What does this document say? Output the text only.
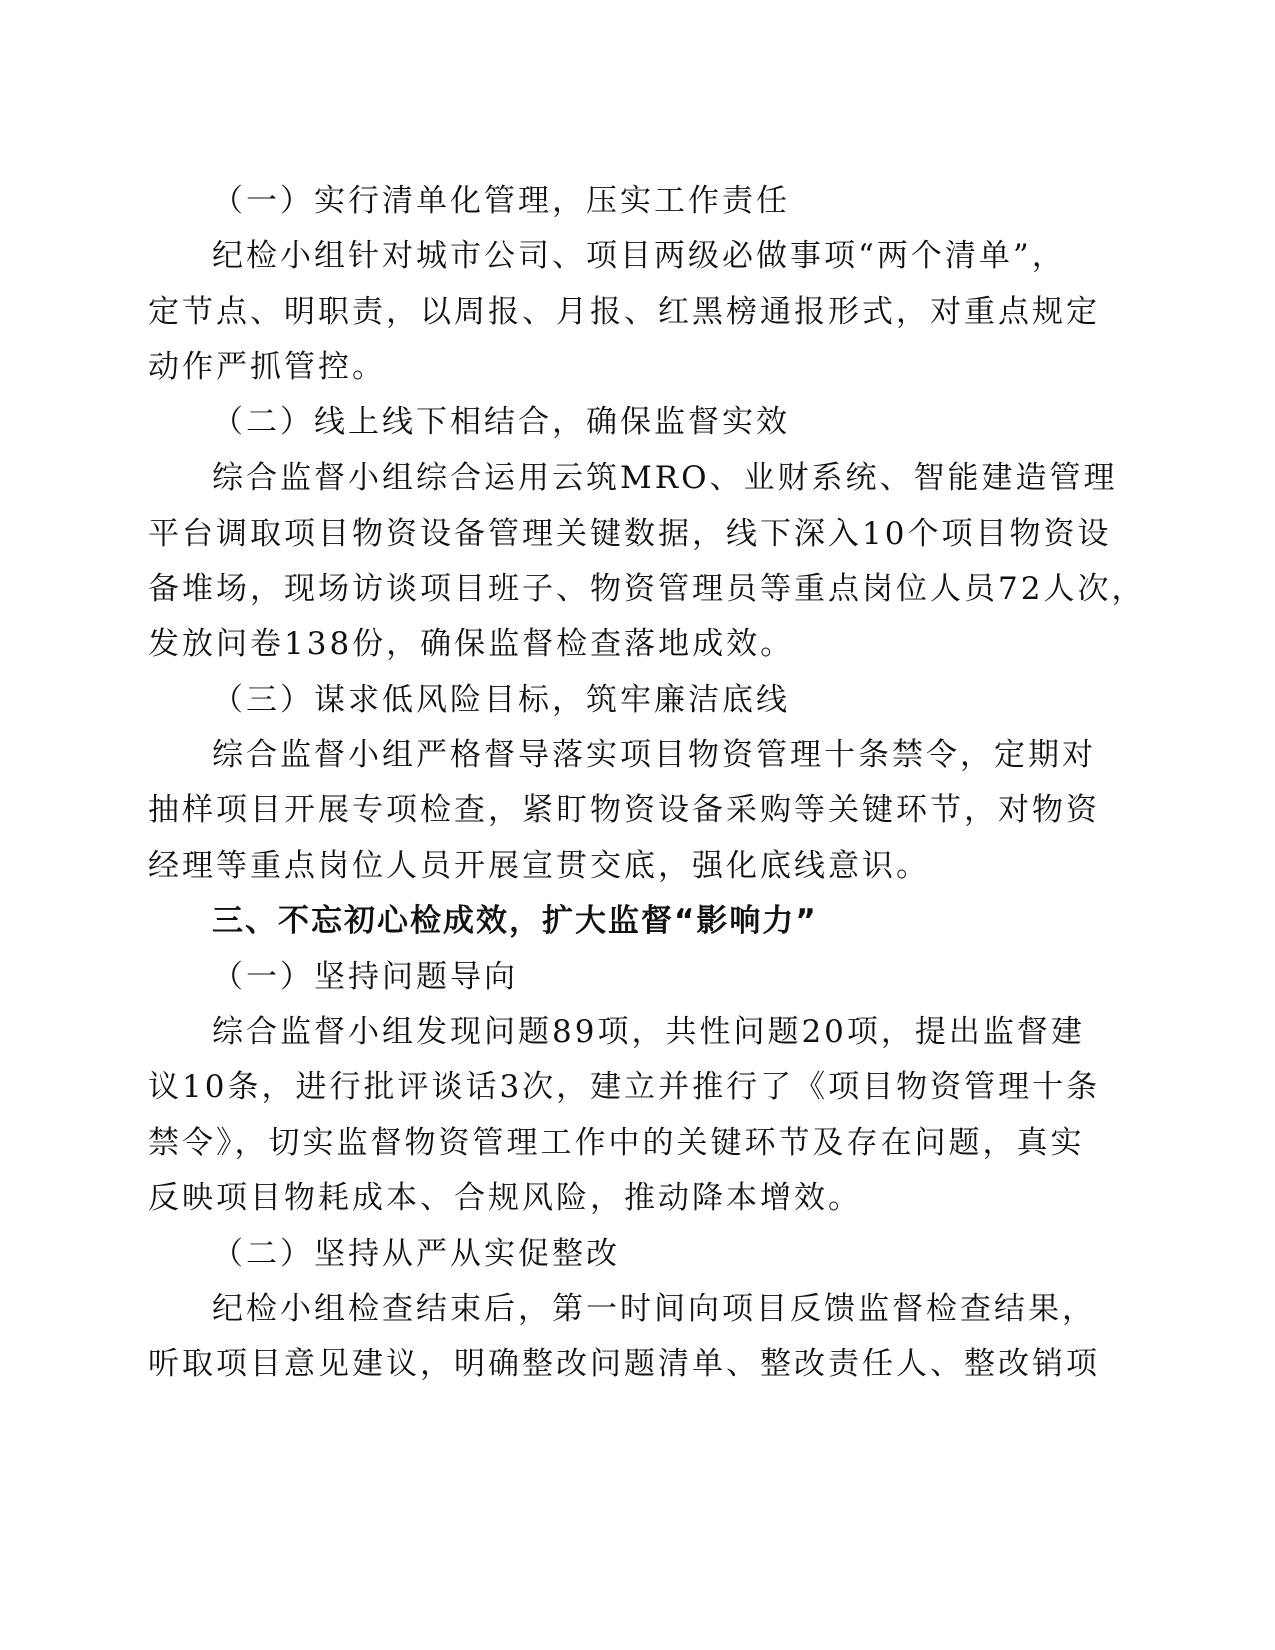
（一）实行清单化管理，压实工作责任
纪检小组针对城市公司、项目两级必做事项“两个清单”，
定节点、明职责，以周报、月报、红黑榜通报形式，对重点规定
动作严抓管控。
（二）线上线下相结合，确保监督实效
综合监督小组综合运用云筑MRO、业财系统、智能建造管理
平台调取项目物资设备管理关键数据，线下深入10个项目物资设
备堆场，现场访谈项目班子、物资管理员等重点岗位人员72人次，
发放问卷138份，确保监督检查落地成效。
（三）谋求低风险目标，筑牢廉洁底线
综合监督小组严格督导落实项目物资管理十条禁令，定期对
抽样项目开展专项检查，紧盯物资设备采购等关键环节，对物资
经理等重点岗位人员开展宣贯交底，强化底线意识。
三、不忘初心检成效，扩大监督“影响力”
（一）坚持问题导向
综合监督小组发现问题89项，共性问题20项，提出监督建
议10条，进行批评谈话3次，建立并推行了《项目物资管理十条
禁令》，切实监督物资管理工作中的关键环节及存在问题，真实
反映项目物耗成本、合规风险，推动降本增效。
（二）坚持从严从实促整改
纪检小组检查结束后，第一时间向项目反馈监督检查结果，
听取项目意见建议，明确整改问题清单、整改责任人、整改销项
